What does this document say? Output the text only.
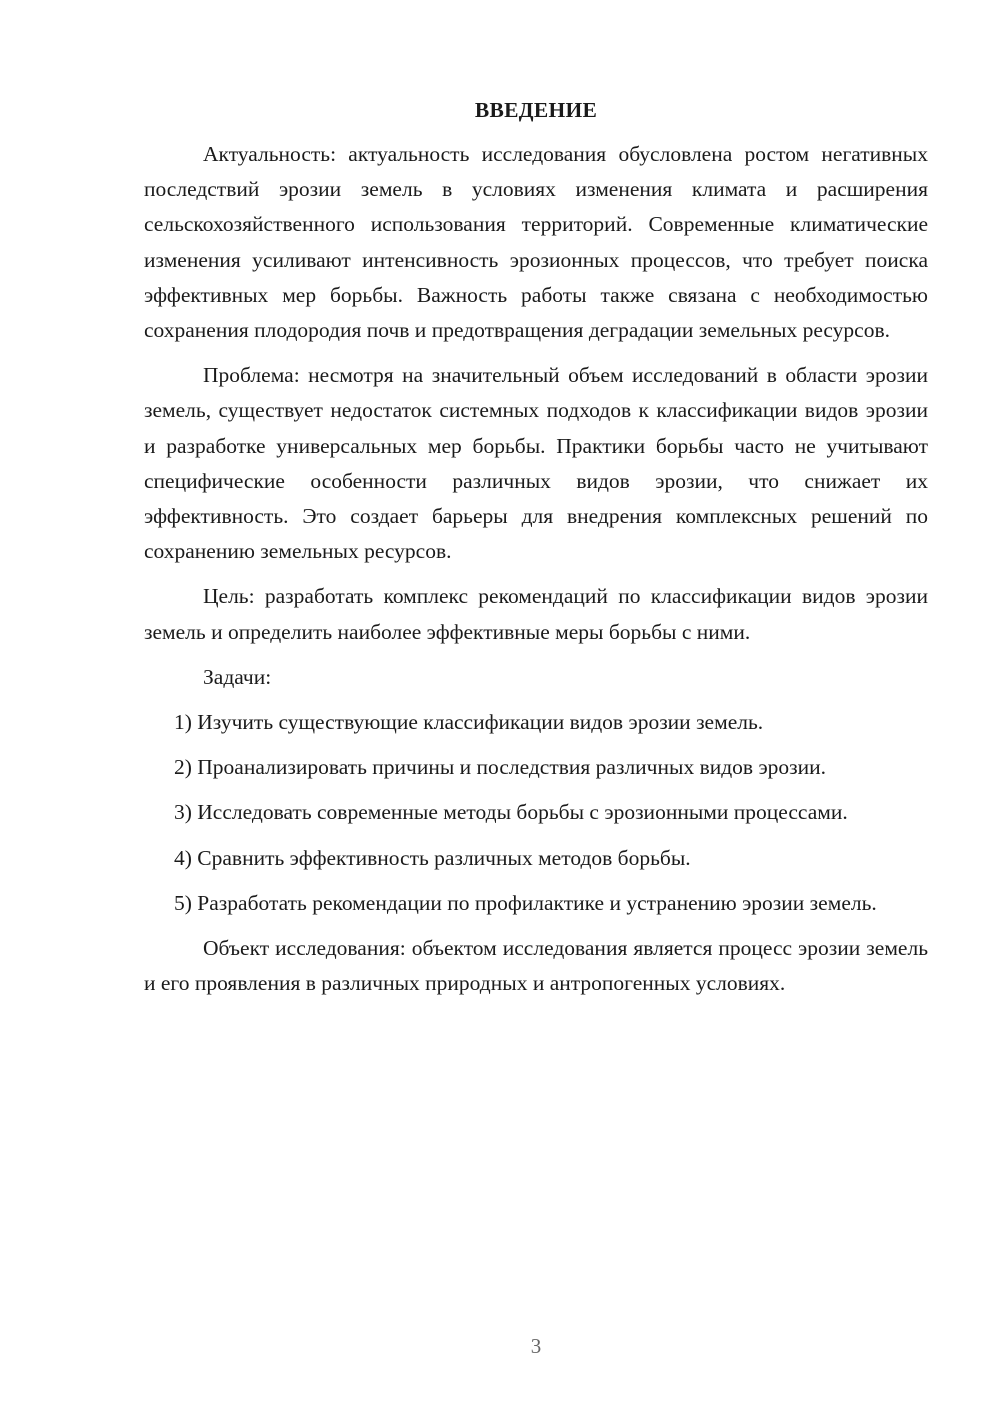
ВВЕДЕНИЕ

Актуальность: актуальность исследования обусловлена ростом негативных последствий эрозии земель в условиях изменения климата и расширения сельскохозяйственного использования территорий. Современные климатические изменения усиливают интенсивность эрозионных процессов, что требует поиска эффективных мер борьбы. Важность работы также связана с необходимостью сохранения плодородия почв и предотвращения деградации земельных ресурсов.

Проблема: несмотря на значительный объем исследований в области эрозии земель, существует недостаток системных подходов к классификации видов эрозии и разработке универсальных мер борьбы. Практики борьбы часто не учитывают специфические особенности различных видов эрозии, что снижает их эффективность. Это создает барьеры для внедрения комплексных решений по сохранению земельных ресурсов.

Цель: разработать комплекс рекомендаций по классификации видов эрозии земель и определить наиболее эффективные меры борьбы с ними.

Задачи:

1) Изучить существующие классификации видов эрозии земель.

2) Проанализировать причины и последствия различных видов эрозии.

3) Исследовать современные методы борьбы с эрозионными процессами.

4) Сравнить эффективность различных методов борьбы.

5) Разработать рекомендации по профилактике и устранению эрозии земель.

Объект исследования: объектом исследования является процесс эрозии земель и его проявления в различных природных и антропогенных условиях.

3
